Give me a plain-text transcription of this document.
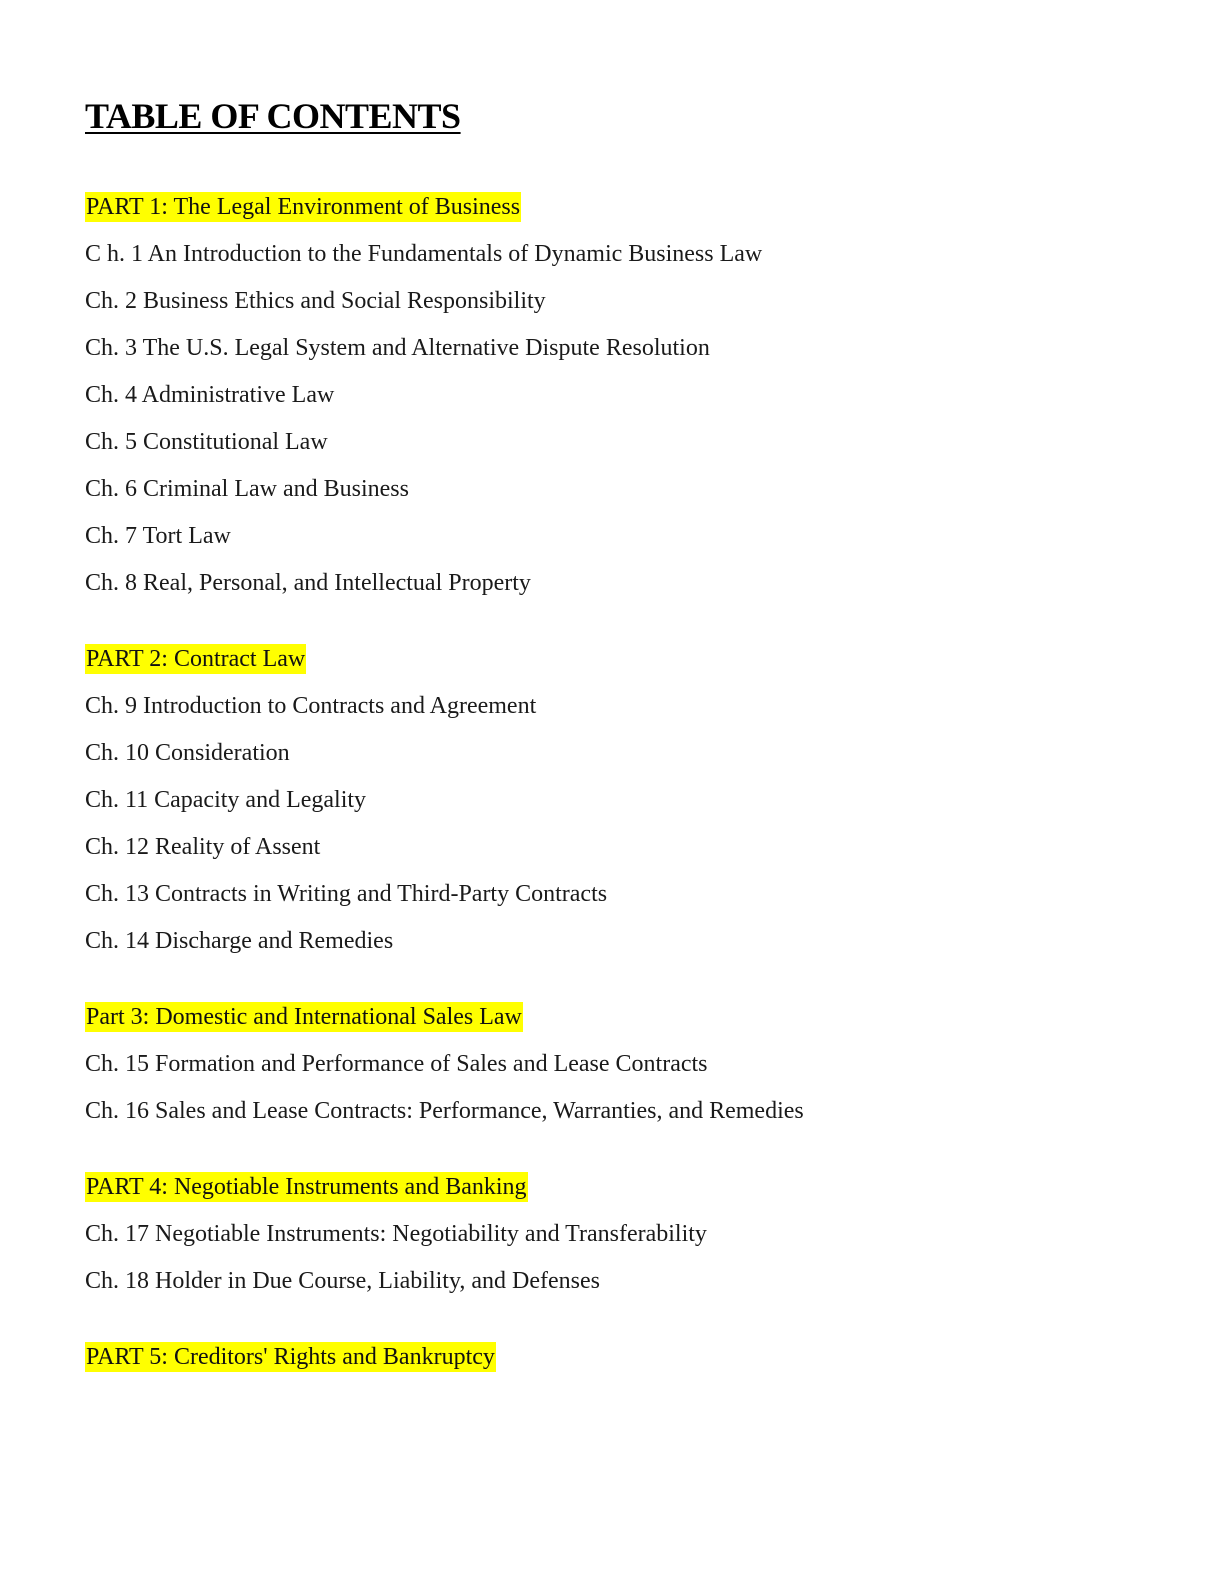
TABLE OF CONTENTS
PART 1: The Legal Environment of Business
C h. 1 An Introduction to the Fundamentals of Dynamic Business Law
Ch. 2 Business Ethics and Social Responsibility
Ch. 3 The U.S. Legal System and Alternative Dispute Resolution
Ch. 4 Administrative Law
Ch. 5 Constitutional Law
Ch. 6 Criminal Law and Business
Ch. 7 Tort Law
Ch. 8 Real, Personal, and Intellectual Property
PART 2: Contract Law
Ch. 9 Introduction to Contracts and Agreement
Ch. 10 Consideration
Ch. 11 Capacity and Legality
Ch. 12 Reality of Assent
Ch. 13 Contracts in Writing and Third-Party Contracts
Ch. 14 Discharge and Remedies
Part 3: Domestic and International Sales Law
Ch. 15 Formation and Performance of Sales and Lease Contracts
Ch. 16 Sales and Lease Contracts: Performance, Warranties, and Remedies
PART 4: Negotiable Instruments and Banking
Ch. 17 Negotiable Instruments: Negotiability and Transferability
Ch. 18 Holder in Due Course, Liability, and Defenses
PART 5: Creditors' Rights and Bankruptcy
